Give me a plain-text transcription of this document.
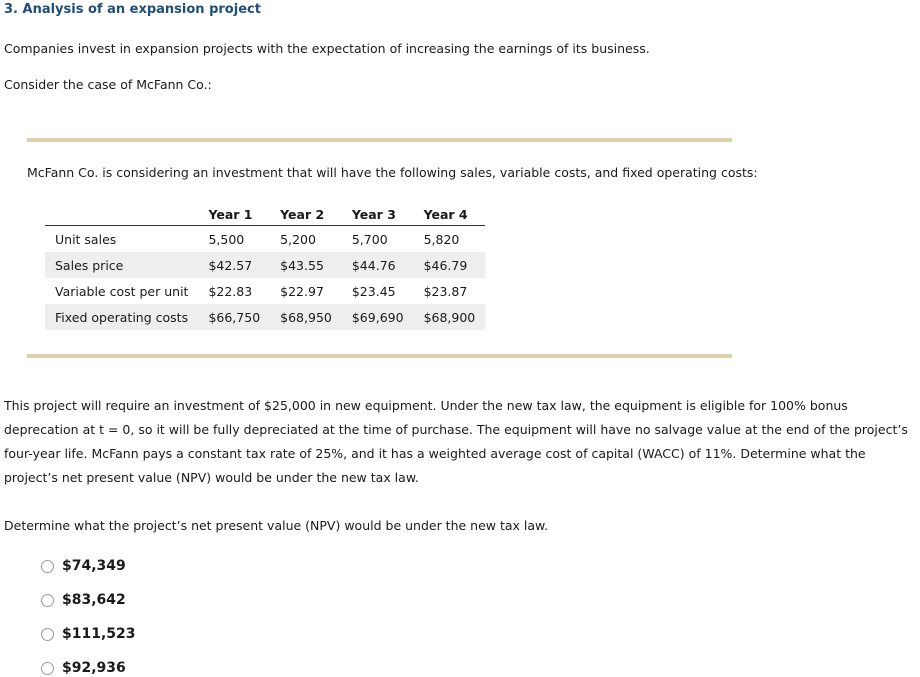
3. Analysis of an expansion project
Companies invest in expansion projects with the expectation of increasing the earnings of its business.
Consider the case of McFann Co.:
McFann Co. is considering an investment that will have the following sales, variable costs, and fixed operating costs:
	Year 1	Year 2	Year 3	Year 4
Unit sales	5,500	5,200	5,700	5,820
Sales price	$42.57	$43.55	$44.76	$46.79
Variable cost per unit	$22.83	$22.97	$23.45	$23.87
Fixed operating costs	$66,750	$68,950	$69,690	$68,900
This project will require an investment of $25,000 in new equipment. Under the new tax law, the equipment is eligible for 100% bonus deprecation at t = 0, so it will be fully depreciated at the time of purchase. The equipment will have no salvage value at the end of the project’s four-year life. McFann pays a constant tax rate of 25%, and it has a weighted average cost of capital (WACC) of 11%. Determine what the project’s net present value (NPV) would be under the new tax law.
Determine what the project’s net present value (NPV) would be under the new tax law.
$74,349
$83,642
$111,523
$92,936
